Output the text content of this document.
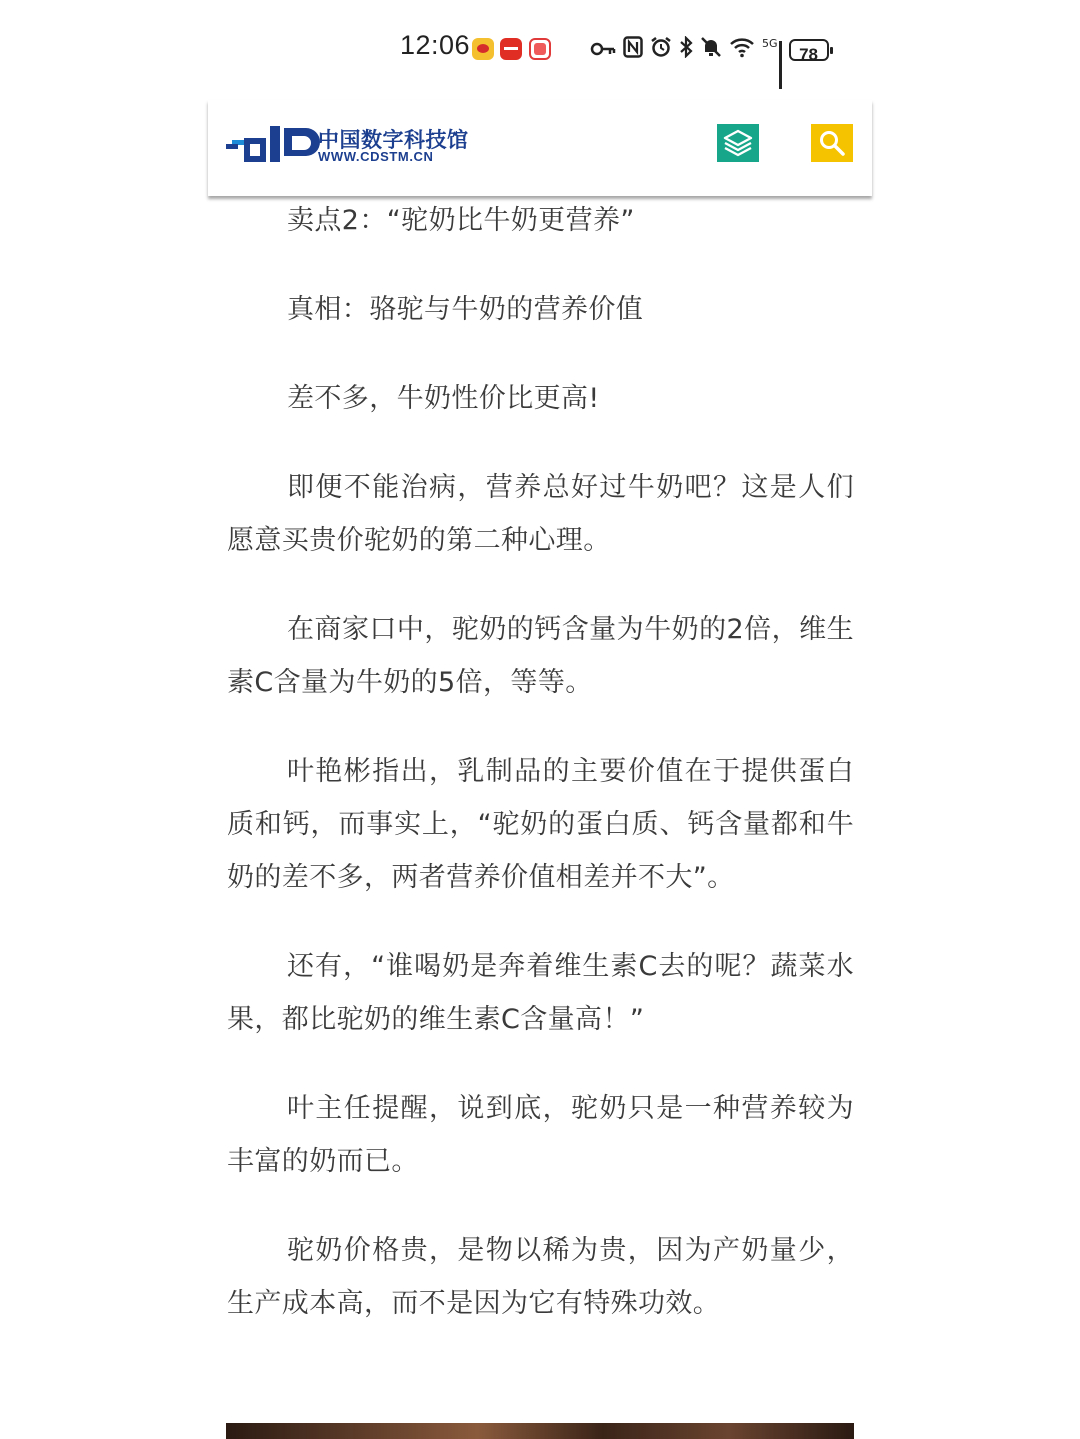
12:06	5G
78
中国数字科技馆
WWW.CDSTM.CN

卖点2：“驼奶比牛奶更营养”

真相：骆驼与牛奶的营养价值

差不多，牛奶性价比更高!

即便不能治病，营养总好过牛奶吧？这是人们愿意买贵价驼奶的第二种心理。

在商家口中，驼奶的钙含量为牛奶的2倍，维生素C含量为牛奶的5倍，等等。

叶艳彬指出，乳制品的主要价值在于提供蛋白质和钙，而事实上，“驼奶的蛋白质、钙含量都和牛奶的差不多，两者营养价值相差并不大”。

还有，“谁喝奶是奔着维生素C去的呢？蔬菜水果，都比驼奶的维生素C含量高！”

叶主任提醒，说到底，驼奶只是一种营养较为丰富的奶而已。

驼奶价格贵，是物以稀为贵，因为产奶量少，生产成本高，而不是因为它有特殊功效。
